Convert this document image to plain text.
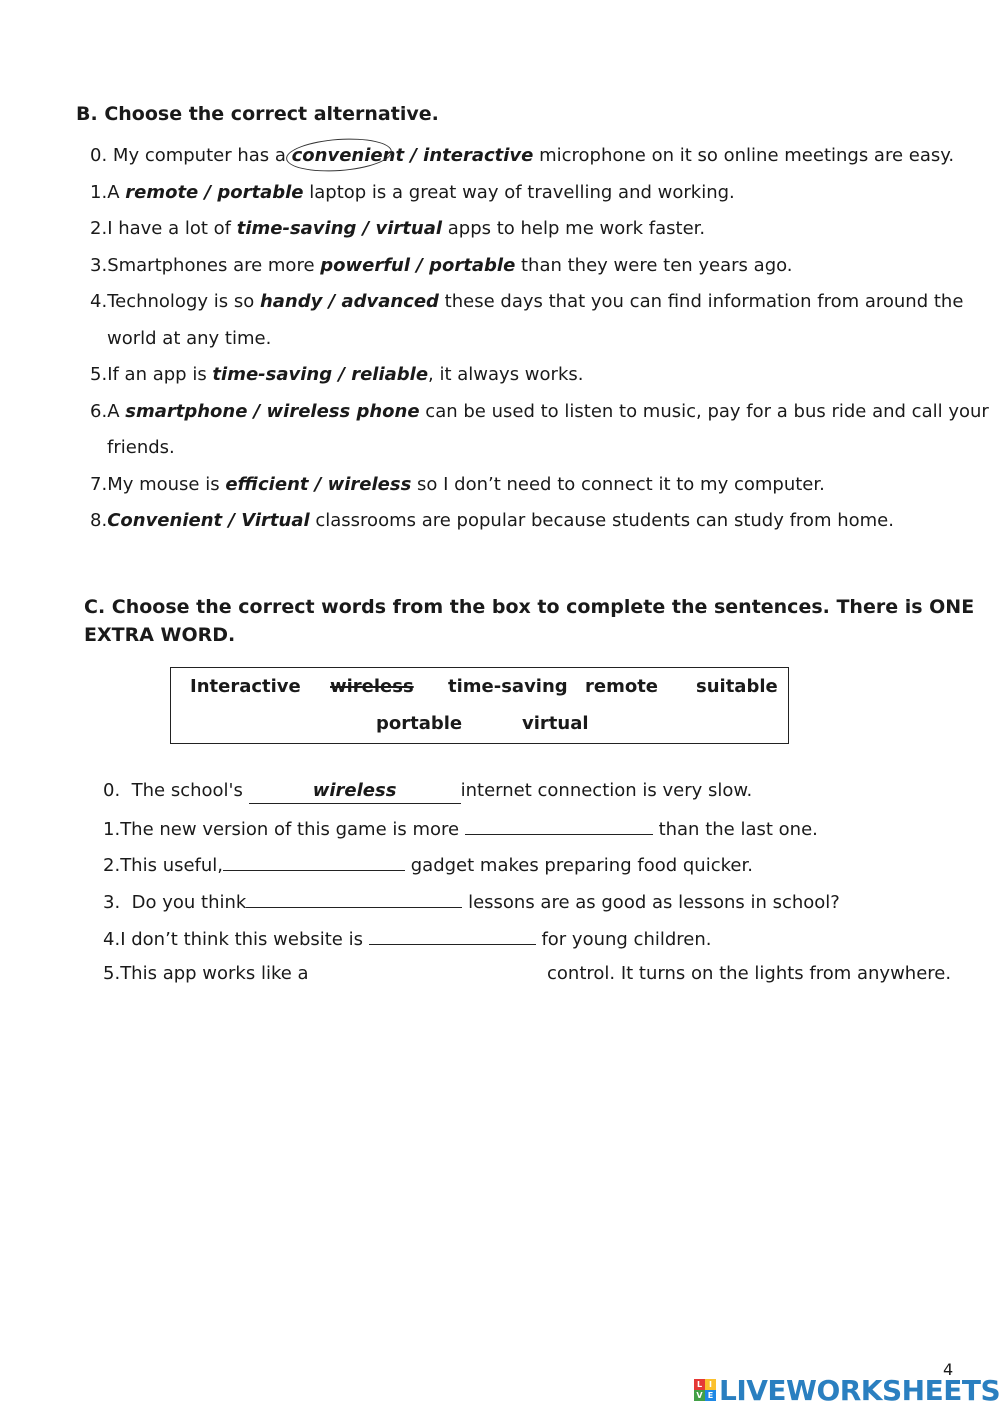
B. Choose the correct alternative.
0. My computer has a convenient
/ interactive microphone on it so online meetings are easy.
1.A remote / portable laptop is a great way of travelling and working.
2.I have a lot of time-saving / virtual apps to help me work faster.
3.Smartphones are more powerful / portable than they were ten years ago.
4.Technology is so handy / advanced these days that you can find information from around the
world at any time.
5.If an app is time-saving / reliable, it always works.
6.A smartphone / wireless phone can be used to listen to music, pay for a bus ride and call your
friends.
7.My mouse is efficient / wireless so I don’t need to connect it to my computer.
8.Convenient / Virtual classrooms are popular because students can study from home.
C. Choose the correct words from the box to complete the sentences. There is ONE
EXTRA WORD.
Interactive wireless time-saving remote suitable
portable	virtual
0. The school's	wireless	internet connection is very slow.
1.The new version of this game is more	than the last one.
2.This useful,	gadget makes preparing food quicker.
3. Do you think	lessons are as good as lessons in school?
4.I don’t think this website is	for young children.
5.This app works like a	control. It turns on the lights from anywhere.
4
L I
V E LIVEWORKSHEETS
